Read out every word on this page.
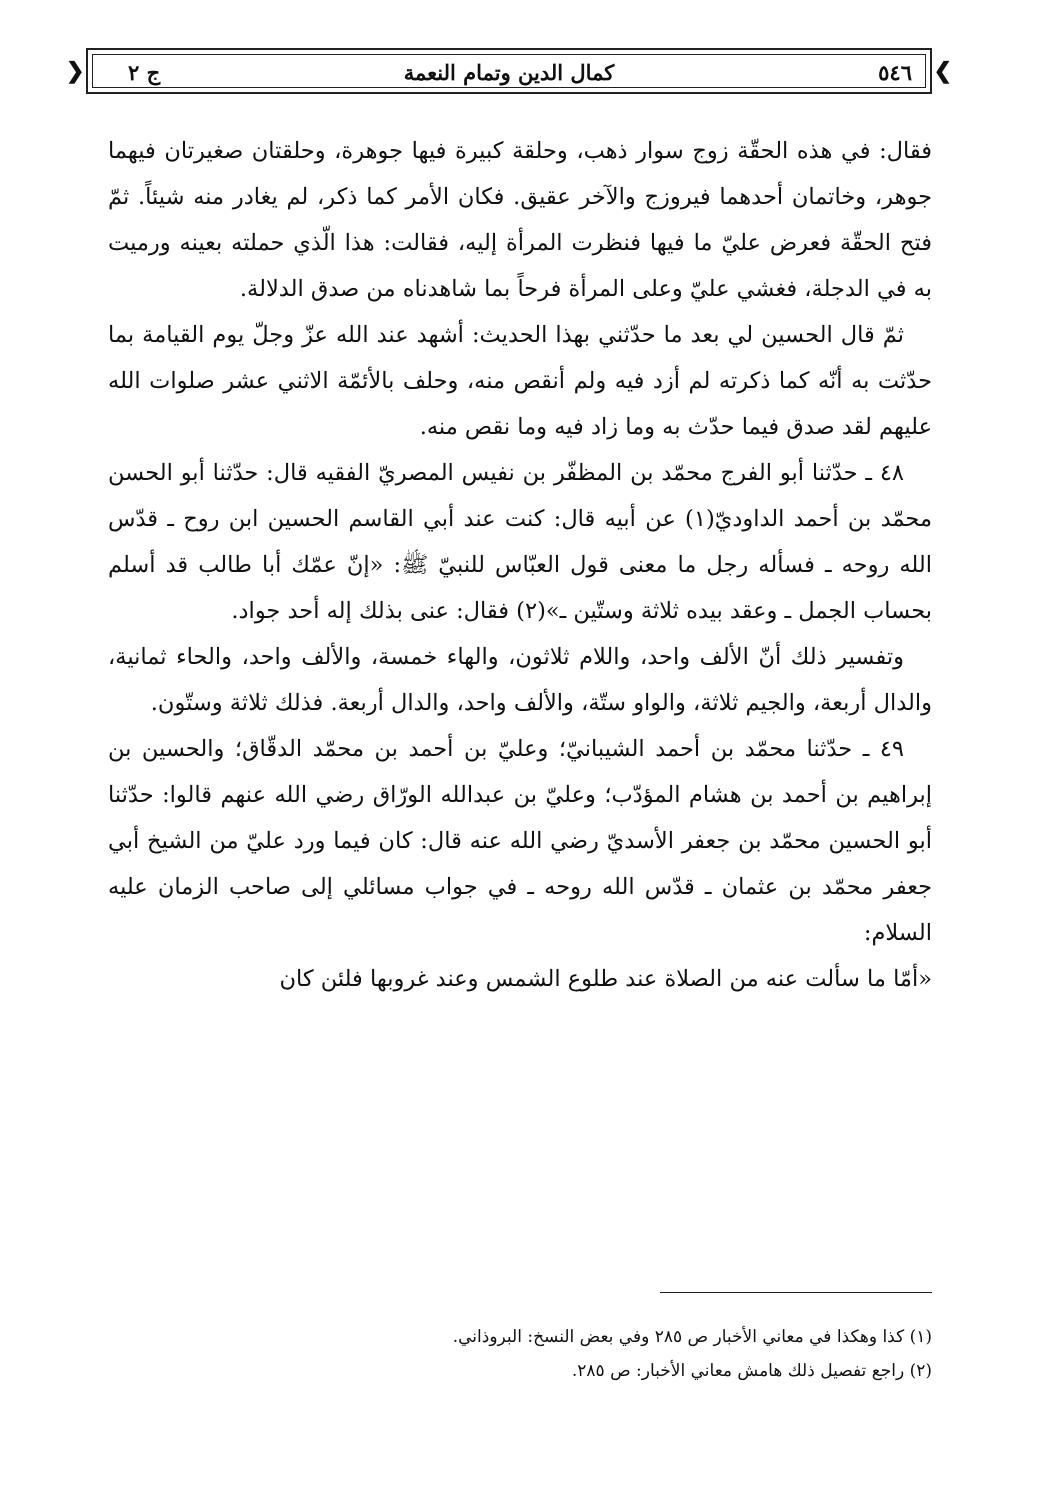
❮
❯	٥٤٦
كمال الدين وتمام النعمة
ج ٢

فقال: في هذه الحقّة زوج سوار ذهب، وحلقة كبيرة فيها جوهرة، وحلقتان صغيرتان فيهما جوهر، وخاتمان أحدهما فيروزج والآخر عقيق. فكان الأمر كما ذكر، لم يغادر منه شيئاً. ثمّ فتح الحقّة فعرض عليّ ما فيها فنظرت المرأة إليه، فقالت: هذا الّذي حملته بعينه ورميت به في الدجلة، فغشي عليّ وعلى المرأة فرحاً بما شاهدناه من صدق الدلالة.

ثمّ قال الحسين لي بعد ما حدّثني بهذا الحديث: أشهد عند الله عزّ وجلّ يوم القيامة بما حدّثت به أنّه كما ذكرته لم أزد فيه ولم أنقص منه، وحلف بالأئمّة الاثني عشر صلوات الله عليهم لقد صدق فيما حدّث به وما زاد فيه وما نقص منه.

٤٨ ـ حدّثنا أبو الفرج محمّد بن المظفّر بن نفيس المصريّ الفقيه قال: حدّثنا أبو الحسن محمّد بن أحمد الداوديّ(١) عن أبيه قال: كنت عند أبي القاسم الحسين ابن روح ـ قدّس الله روحه ـ فسأله رجل ما معنى قول العبّاس للنبيّ ﷺ: «إنّ عمّك أبا طالب قد أسلم بحساب الجمل ـ وعقد بيده ثلاثة وستّين ـ»(٢) فقال: عنى بذلك إله أحد جواد.

وتفسير ذلك أنّ الألف واحد، واللام ثلاثون، والهاء خمسة، والألف واحد، والحاء ثمانية، والدال أربعة، والجيم ثلاثة، والواو ستّة، والألف واحد، والدال أربعة. فذلك ثلاثة وستّون.

٤٩ ـ حدّثنا محمّد بن أحمد الشيبانيّ؛ وعليّ بن أحمد بن محمّد الدقّاق؛ والحسين بن إبراهيم بن أحمد بن هشام المؤدّب؛ وعليّ بن عبدالله الورّاق رضي الله عنهم قالوا: حدّثنا أبو الحسين محمّد بن جعفر الأسديّ رضي الله عنه قال: كان فيما ورد عليّ من الشيخ أبي جعفر محمّد بن عثمان ـ قدّس الله روحه ـ في جواب مسائلي إلى صاحب الزمان عليه السلام:

«أمّا ما سألت عنه من الصلاة عند طلوع الشمس وعند غروبها فلئن كان

(١) كذا وهكذا في معاني الأخبار ص ٢٨٥ وفي بعض النسخ: البروذاني.

(٢) راجع تفصيل ذلك هامش معاني الأخبار: ص ٢٨٥.
